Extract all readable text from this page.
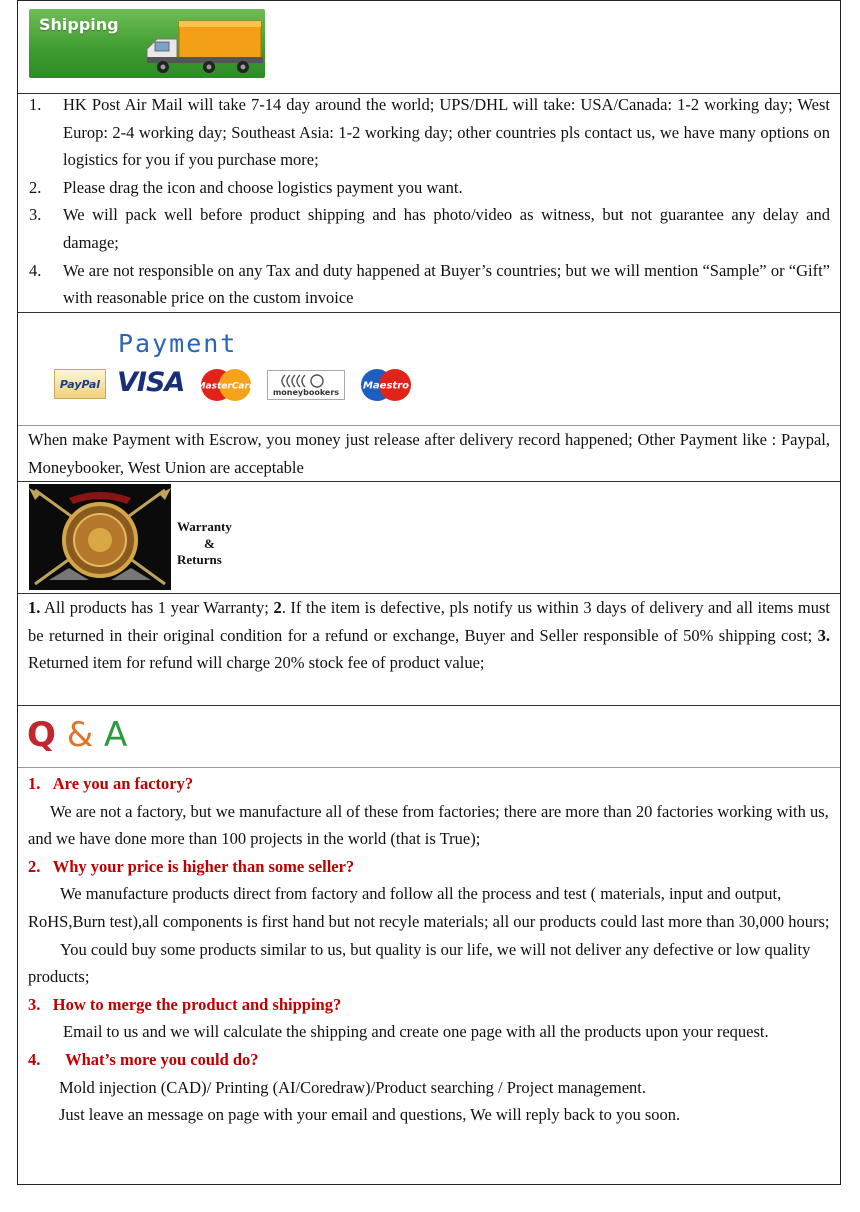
Shipping
1. HK Post Air Mail will take 7-14 day around the world; UPS/DHL will take: USA/Canada: 1-2 working day; West Europ: 2-4 working day; Southeast Asia: 1-2 working day; other countries pls contact us, we have many options on logistics for you if you purchase more;
2. Please drag the icon and choose logistics payment you want.
3. We will pack well before product shipping and has photo/video as witness, but not guarantee any delay and damage;
4. We are not responsible on any Tax and duty happened at Buyer’s countries; but we will mention “Sample” or “Gift” with reasonable price on the custom invoice
Payment
PayPal VISA MasterCard
moneybookers
Maestro
When make Payment with Escrow, you money just release after delivery record happened; Other Payment like : Paypal, Moneybooker, West Union are acceptable
Warranty
&
Returns
1. All products has 1 year Warranty; 2. If the item is defective, pls notify us within 3 days of delivery and all items must be returned in their original condition for a refund or exchange, Buyer and Seller responsible of 50% shipping cost; 3. Returned item for refund will charge 20% stock fee of product value;
Q & A
1. Are you an factory?
We are not a factory, but we manufacture all of these from factories; there are more than 20 factories working with us, and we have done more than 100 projects in the world (that is True);
2. Why your price is higher than some seller?
We manufacture products direct from factory and follow all the process and test ( materials, input and output, RoHS,Burn test),all components is first hand but not recyle materials; all our products could last more than 30,000 hours;
You could buy some products similar to us, but quality is our life, we will not deliver any defective or low quality products;
3. How to merge the product and shipping?
Email to us and we will calculate the shipping and create one page with all the products upon your request.
4. What’s more you could do?
Mold injection (CAD)/ Printing (AI/Coredraw)/Product searching / Project management.
Just leave an message on page with your email and questions, We will reply back to you soon.
